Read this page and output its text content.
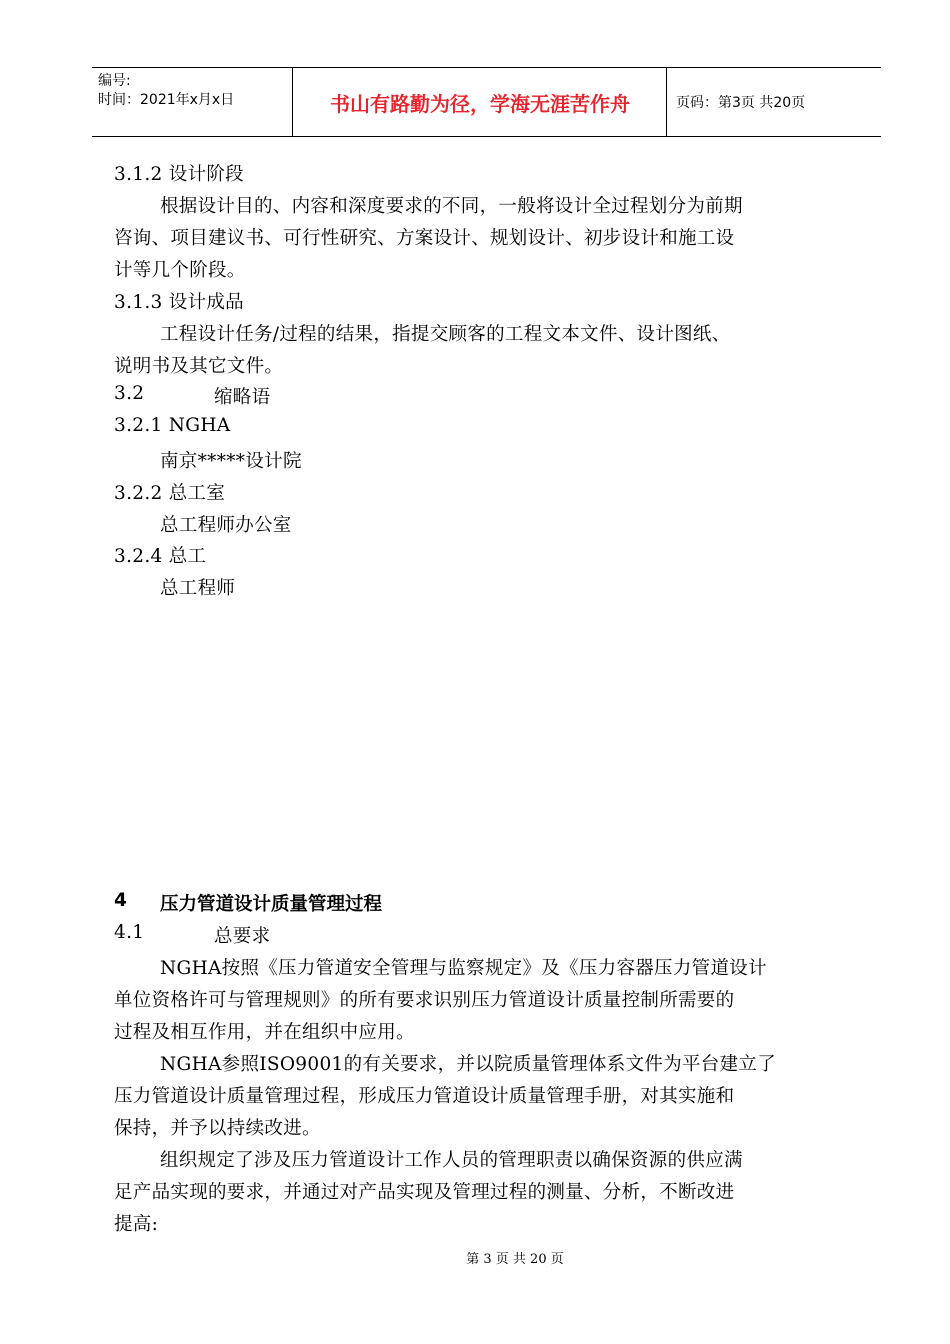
编号:
时间：2021年x月x日	书山有路勤为径，学海无涯苦作舟	页码：第3页 共20页
3.1.2 设计阶段
根据设计目的、内容和深度要求的不同，一般将设计全过程划分为前期
咨询、项目建议书、可行性研究、方案设计、规划设计、初步设计和施工设
计等几个阶段。
3.1.3 设计成品
工程设计任务/过程的结果，指提交顾客的工程文本文件、设计图纸、
说明书及其它文件。
3.2	缩略语
3.2.1 NGHA
南京*****设计院
3.2.2 总工室
总工程师办公室
3.2.4 总工
总工程师
4 压力管道设计质量管理过程
4.1	总要求
NGHA按照《压力管道安全管理与监察规定》及《压力容器压力管道设计
单位资格许可与管理规则》的所有要求识别压力管道设计质量控制所需要的
过程及相互作用，并在组织中应用。
NGHA参照ISO9001的有关要求，并以院质量管理体系文件为平台建立了
压力管道设计质量管理过程，形成压力管道设计质量管理手册，对其实施和
保持，并予以持续改进。
组织规定了涉及压力管道设计工作人员的管理职责以确保资源的供应满
足产品实现的要求，并通过对产品实现及管理过程的测量、分析，不断改进
提高:
第 3 页 共 20 页
